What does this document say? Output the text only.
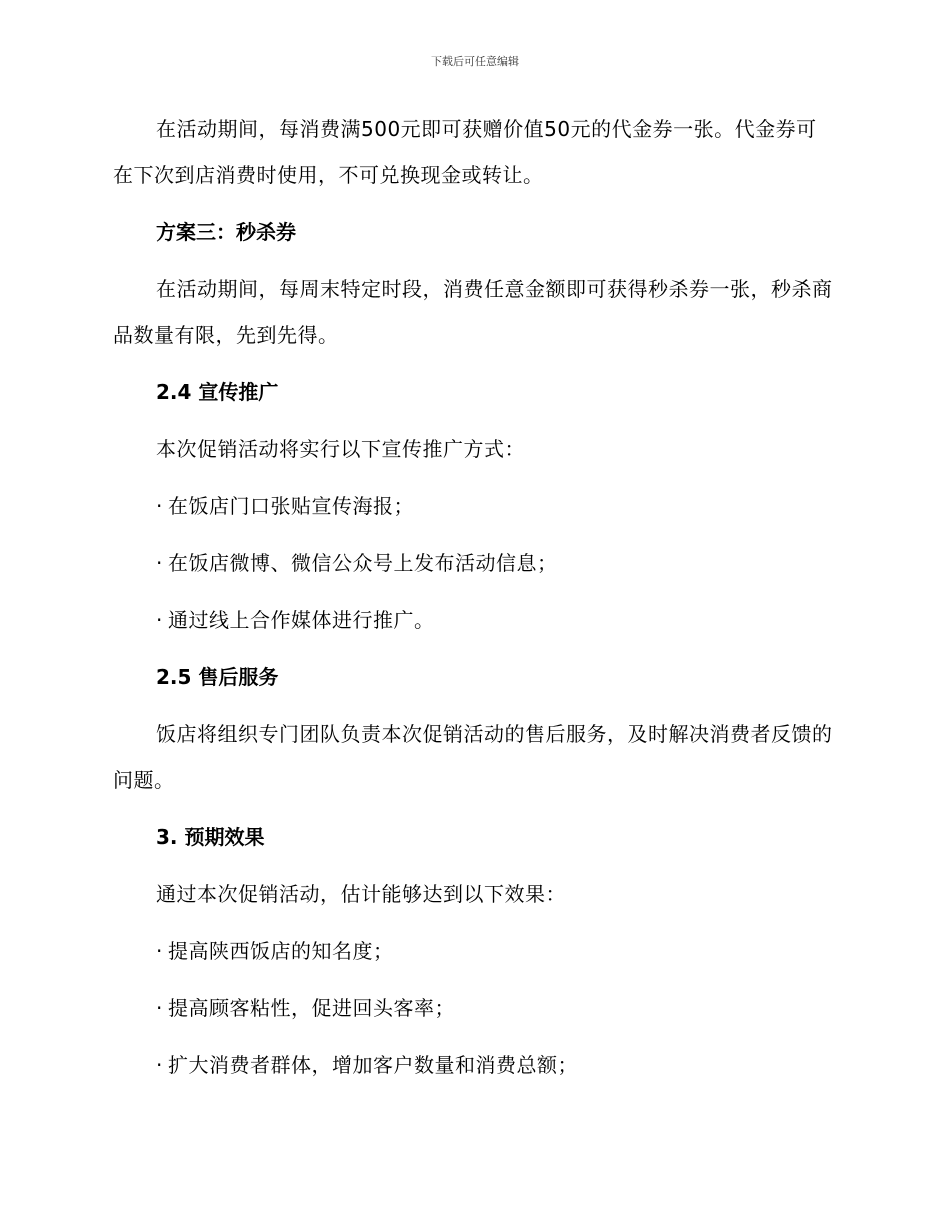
下载后可任意编辑

在活动期间，每消费满500元即可获赠价值50元的代金券一张。代金券可在下次到店消费时使用，不可兑换现金或转让。

方案三：秒杀券

在活动期间，每周末特定时段，消费任意金额即可获得秒杀券一张，秒杀商品数量有限，先到先得。

2.4 宣传推广

本次促销活动将实行以下宣传推广方式：

· 在饭店门口张贴宣传海报；
· 在饭店微博、微信公众号上发布活动信息；
· 通过线上合作媒体进行推广。
2.5 售后服务

饭店将组织专门团队负责本次促销活动的售后服务，及时解决消费者反馈的问题。

3. 预期效果

通过本次促销活动，估计能够达到以下效果：

· 提高陕西饭店的知名度；
· 提高顾客粘性，促进回头客率；
· 扩大消费者群体，增加客户数量和消费总额；
